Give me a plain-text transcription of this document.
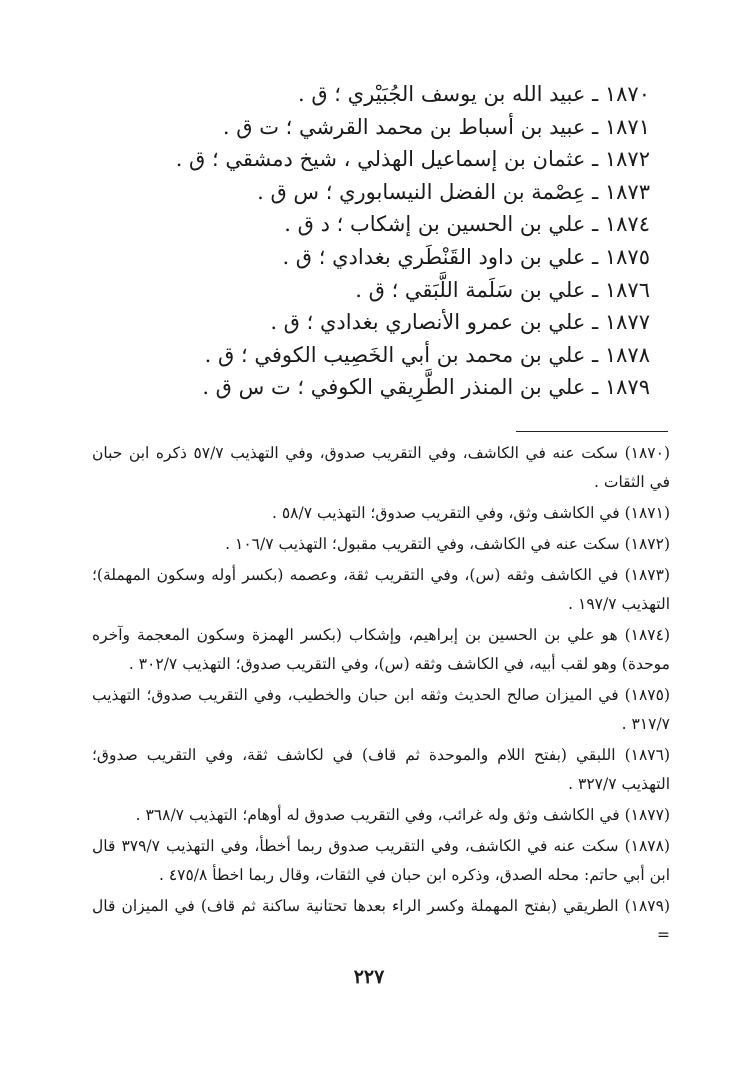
١٨٧٠ ـ عبيد الله بن يوسف الجُبَيْري ؛ ق .
١٨٧١ ـ عبيد بن أسباط بن محمد القرشي ؛ ت ق .
١٨٧٢ ـ عثمان بن إسماعيل الهذلي ، شيخ دمشقي ؛ ق .
١٨٧٣ ـ عِصْمة بن الفضل النيسابوري ؛ س ق .
١٨٧٤ ـ علي بن الحسين بن إشكاب ؛ د ق .
١٨٧٥ ـ علي بن داود القَنْطَري بغدادي ؛ ق .
١٨٧٦ ـ علي بن سَلَمة اللَّبَقي ؛ ق .
١٨٧٧ ـ علي بن عمرو الأنصاري بغدادي ؛ ق .
١٨٧٨ ـ علي بن محمد بن أبي الخَصِيب الكوفي ؛ ق .
١٨٧٩ ـ علي بن المنذر الطَّرِيقي الكوفي ؛ ت س ق .
(١٨٧٠) سكت عنه في الكاشف، وفي التقريب صدوق، وفي التهذيب ٥٧/٧ ذكره ابن حبان في الثقات .
(١٨٧١) في الكاشف وثق، وفي التقريب صدوق؛ التهذيب ٥٨/٧ .
(١٨٧٢) سكت عنه في الكاشف، وفي التقريب مقبول؛ التهذيب ١٠٦/٧ .
(١٨٧٣) في الكاشف وثقه (س)، وفي التقريب ثقة، وعصمه (بكسر أوله وسكون المهملة)؛ التهذيب ١٩٧/٧ .
(١٨٧٤) هو علي بن الحسين بن إبراهيم، وإشكاب (بكسر الهمزة وسكون المعجمة وآخره موحدة) وهو لقب أبيه، في الكاشف وثقه (س)، وفي التقريب صدوق؛ التهذيب ٣٠٢/٧ .
(١٨٧٥) في الميزان صالح الحديث وثقه ابن حبان والخطيب، وفي التقريب صدوق؛ التهذيب ٣١٧/٧ .
(١٨٧٦) اللبقي (بفتح اللام والموحدة ثم قاف) في لكاشف ثقة، وفي التقريب صدوق؛ التهذيب ٣٢٧/٧ .
(١٨٧٧) في الكاشف وثق وله غرائب، وفي التقريب صدوق له أوهام؛ التهذيب ٣٦٨/٧ .
(١٨٧٨) سكت عنه في الكاشف، وفي التقريب صدوق ربما أخطأ، وفي التهذيب ٣٧٩/٧ قال ابن أبي حاتم: محله الصدق، وذكره ابن حبان في الثقات، وقال ربما اخطأ ٤٧٥/٨ .
(١٨٧٩) الطريقي (بفتح المهملة وكسر الراء بعدها تحتانية ساكنة ثم قاف) في الميزان قال =
٢٢٧
